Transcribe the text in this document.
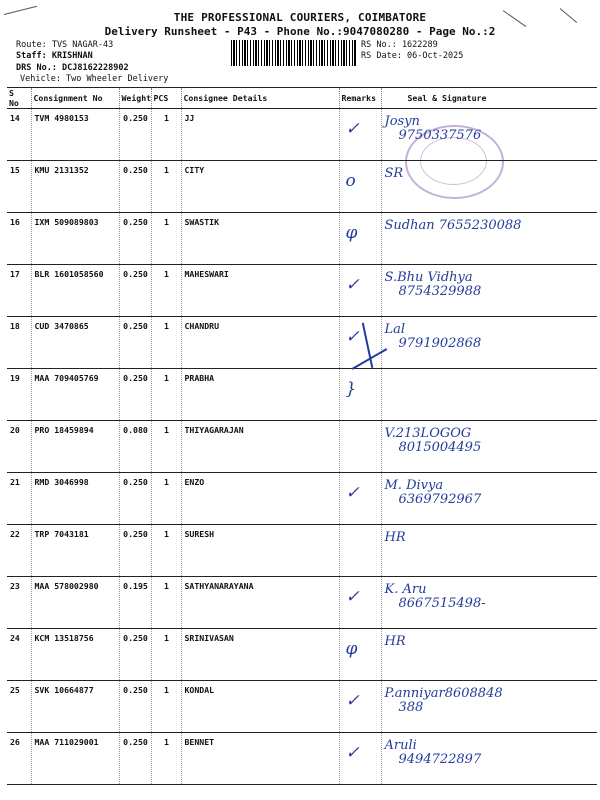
THE PROFESSIONAL COURIERS, COIMBATORE
Delivery Runsheet - P43 - Phone No.:9047080280 - Page No.:2
Route: TVS NAGAR-43
Staff: KRISHNAN
DRS No.: DCJ8162228902
Vehicle: Two Wheeler Delivery
RS No.: 1622289
RS Date: 06-Oct-2025
S No	Consignment No	Weight	PCS	Consignee Details	Remarks	Seal & Signature
14	TVM 4980153	0.250	1	JJ	✓	Josyn
9750337576

15	KMU 2131352	0.250	1	CITY	o	SR

16	IXM 509089803	0.250	1	SWASTIK	φ	Sudhan 7655230088

17	BLR 1601058560	0.250	1	MAHESWARI	✓	S.Bhu Vidhya
8754329988

18	CUD 3470865	0.250	1	CHANDRU	✓	Lal
9791902868

19	MAA 709405769	0.250	1	PRABHA	}	

20	PRO 18459894	0.080	1	THIYAGARAJAN		V.213LOGOG
8015004495

21	RMD 3046998	0.250	1	ENZO	✓	M. Divya
6369792967

22	TRP 7043181	0.250	1	SURESH		HR

23	MAA 578002980	0.195	1	SATHYANARAYANA	✓	K. Aru
8667515498-

24	KCM 13518756	0.250	1	SRINIVASAN	φ	HR

25	SVK 10664877	0.250	1	KONDAL	✓	P.anniyar8608848
388

26	MAA 711029001	0.250	1	BENNET	✓	Aruli
9494722897
